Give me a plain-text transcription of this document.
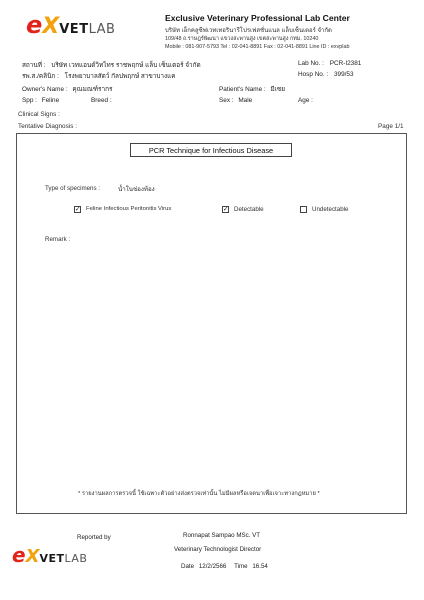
eXVETLAB
Exclusive Veterinary Professional Lab Center
บริษัท เอ็กคลูซีฟเวทเทอรินารีโปรเฟสชั่นแนล แล็บเซ็นเตอร์ จำกัด
109/48 ถ.ราษฎร์พัฒนา แขวงสะพานสูง เขตสะพานสูง กทม. 10240
Mobile : 081-907-5793 Tel : 02-041-8891 Fax : 02-041-8891 Line ID : exvplab
สถานที่ : บริษัท เวทแอนด์วิทไทร ราชพฤกษ์ แล็บ เซ็นเตอร์ จำกัด	Lab No. : PCR-I2381
รพ.ส./คลินิก : โรงพยาบาลสัตว์ กัลปพฤกษ์ สาขาบางแค	Hosp No. : 399/53
Owner's Name : คุณมณฑ์รากร	Patient's Name : มีเซย
Spp : Feline	Breed :	Sex : Male	Age :
Clinical Signs :
Tentative Diagnosis :	Page 1/1
PCR Technique for Infectious Disease
Type of specimens :	น้ำในช่องท้อง
✓ Feline Infectious Peritonitis Virus	✓ Detectable	Undetectable
Remark :
* รายงานผลการตรวจนี้ ใช้เฉพาะตัวอย่างส่งตรวจเท่านั้น ไม่มีผลหรือเจตนาเพื่อเจาะทางกฎหมาย *
Reported by	Ronnapat Sampao MSc. VT
Veterinary Technologist Director
eXVETLAB
Date 12/2/2566 Time 16.54
